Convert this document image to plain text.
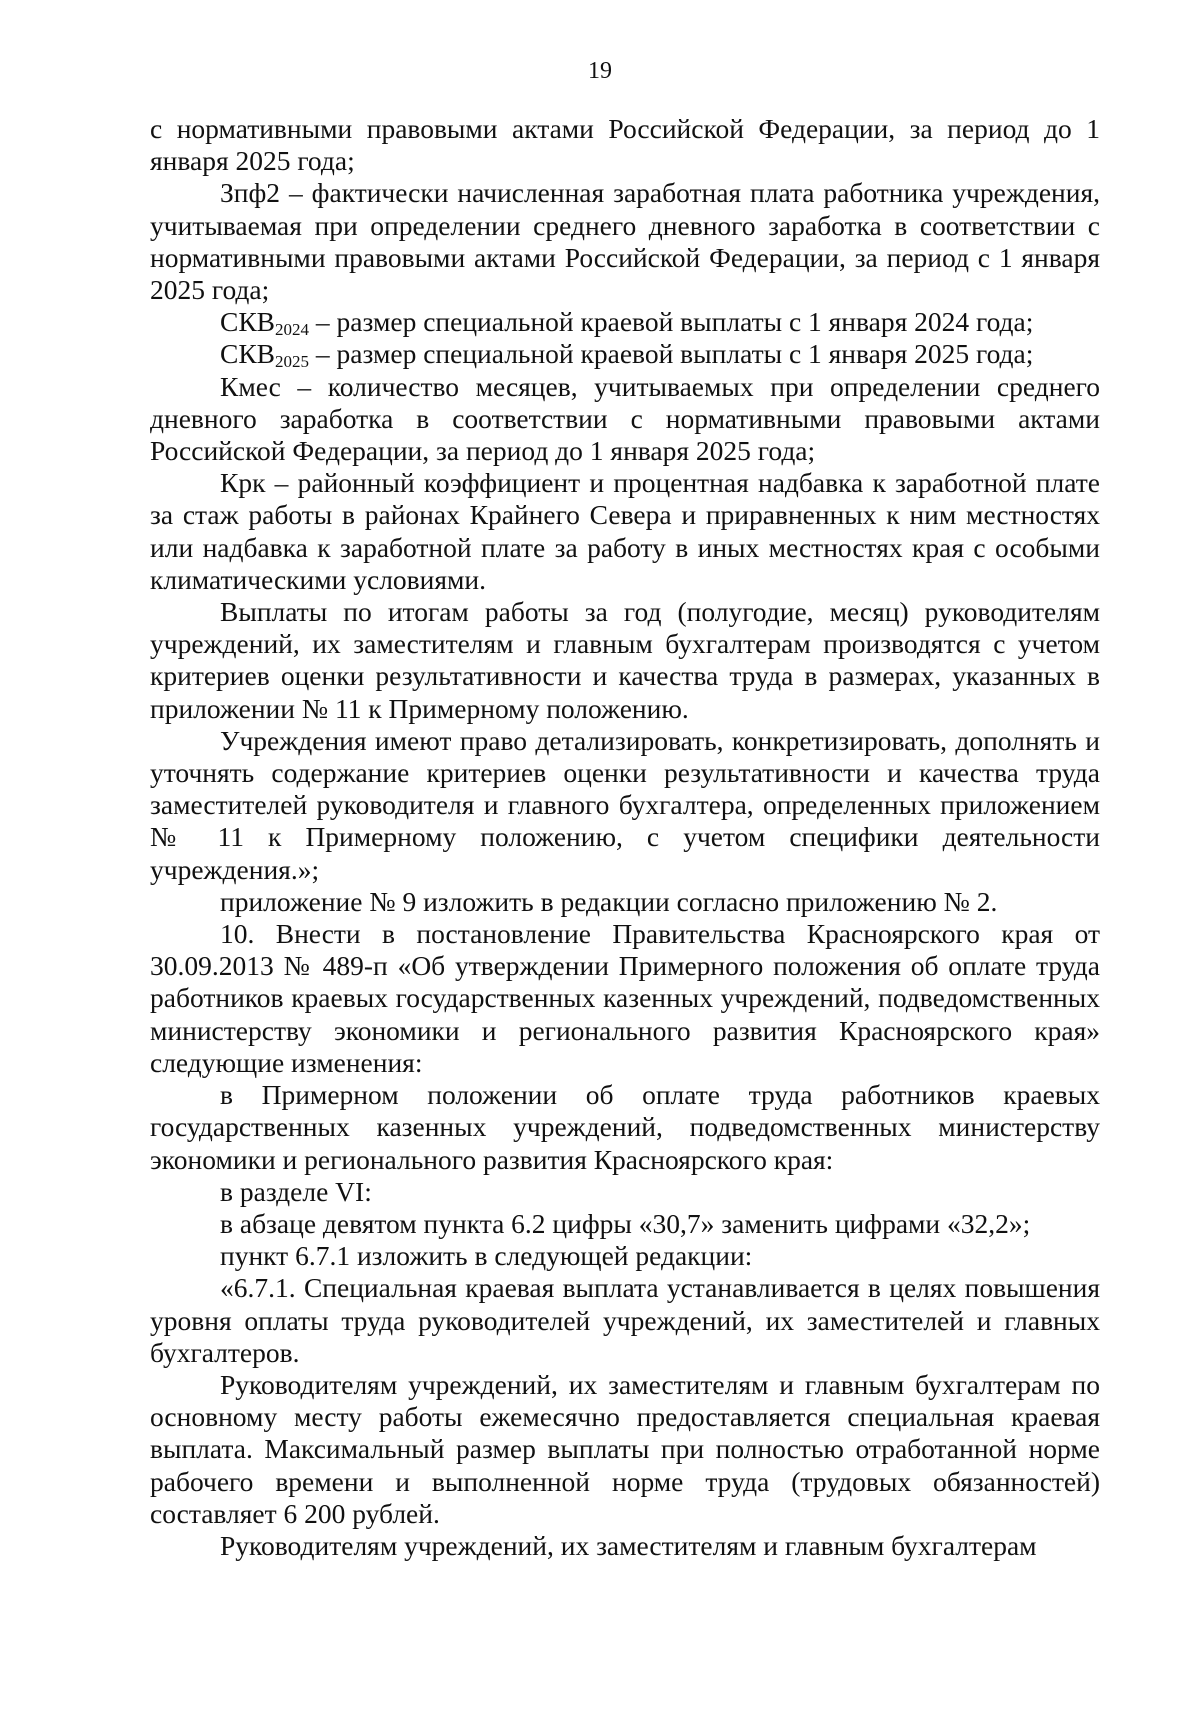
19

с нормативными правовыми актами Российской Федерации, за период до 1 января 2025 года;

Зпф2 – фактически начисленная заработная плата работника учреждения, учитываемая при определении среднего дневного заработка в соответствии с нормативными правовыми актами Российской Федерации, за период с 1 января 2025 года;

$СКВ_{2024}$ – размер специальной краевой выплаты с 1 января 2024 года;

$СКВ_{2025}$ – размер специальной краевой выплаты с 1 января 2025 года;

Кмес – количество месяцев, учитываемых при определении среднего дневного заработка в соответствии с нормативными правовыми актами Российской Федерации, за период до 1 января 2025 года;

Крк – районный коэффициент и процентная надбавка к заработной плате за стаж работы в районах Крайнего Севера и приравненных к ним местностях или надбавка к заработной плате за работу в иных местностях края с особыми климатическими условиями.

Выплаты по итогам работы за год (полугодие, месяц) руководителям учреждений, их заместителям и главным бухгалтерам производятся с учетом критериев оценки результативности и качества труда в размерах, указанных в приложении № 11 к Примерному положению.

Учреждения имеют право детализировать, конкретизировать, дополнять и уточнять содержание критериев оценки результативности и качества труда заместителей руководителя и главного бухгалтера, определенных приложением № 11 к Примерному положению, с учетом специфики деятельности учреждения.»;

приложение № 9 изложить в редакции согласно приложению № 2.

10. Внести в постановление Правительства Красноярского края от 30.09.2013 № 489-п «Об утверждении Примерного положения об оплате труда работников краевых государственных казенных учреждений, подведомственных министерству экономики и регионального развития Красноярского края» следующие изменения:

в Примерном положении об оплате труда работников краевых государственных казенных учреждений, подведомственных министерству экономики и регионального развития Красноярского края:

в разделе VI:

в абзаце девятом пункта 6.2 цифры «30,7» заменить цифрами «32,2»;

пункт 6.7.1 изложить в следующей редакции:

«6.7.1. Специальная краевая выплата устанавливается в целях повышения уровня оплаты труда руководителей учреждений, их заместителей и главных бухгалтеров.

Руководителям учреждений, их заместителям и главным бухгалтерам по основному месту работы ежемесячно предоставляется специальная краевая выплата. Максимальный размер выплаты при полностью отработанной норме рабочего времени и выполненной норме труда (трудовых обязанностей) составляет 6 200 рублей.

Руководителям учреждений, их заместителям и главным бухгалтерам
